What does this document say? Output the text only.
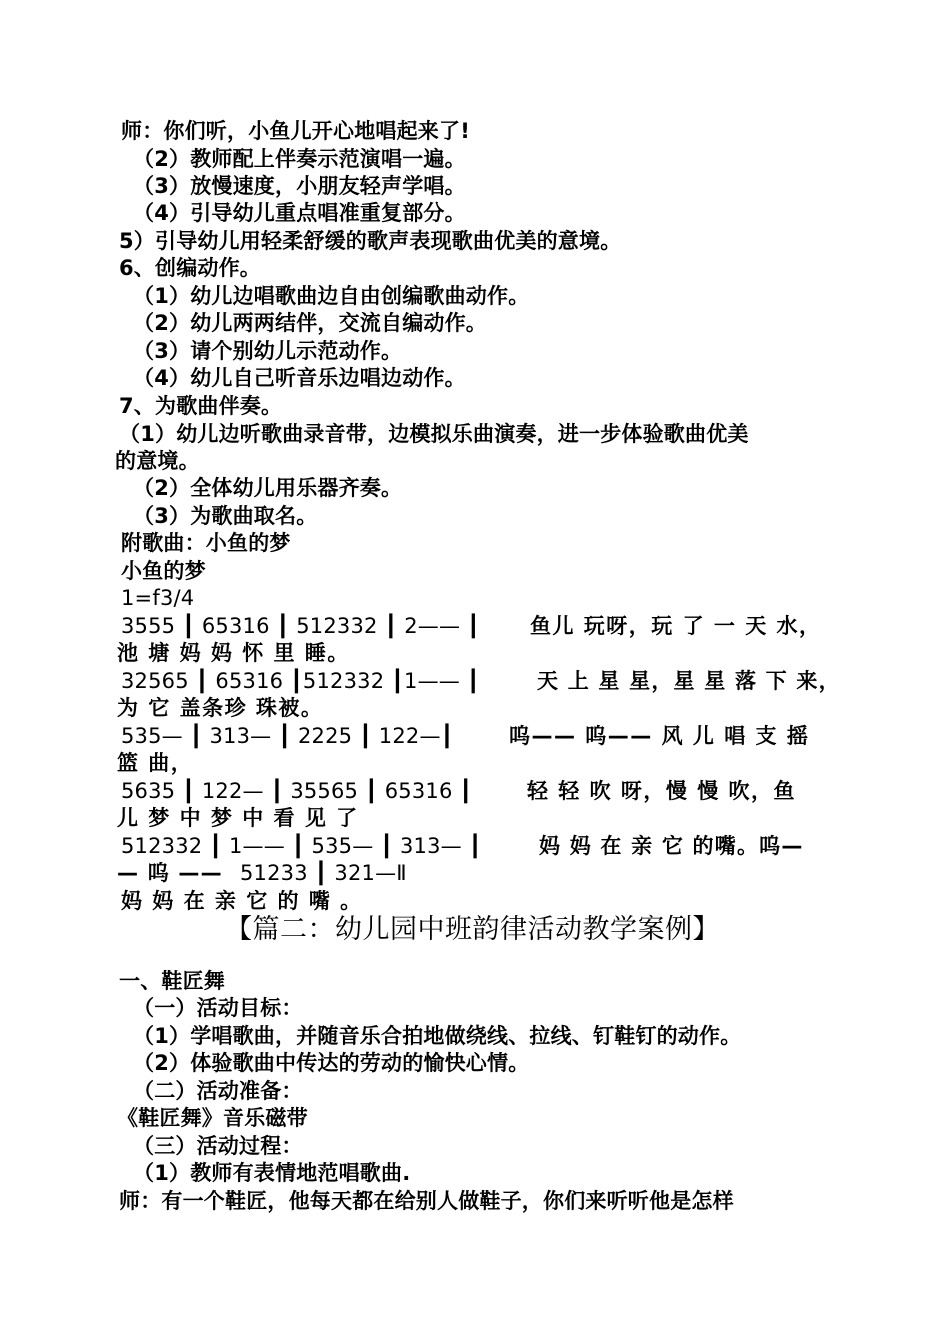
师：你们听，小鱼儿开心地唱起来了!
（2）教师配上伴奏示范演唱一遍。
（3）放慢速度，小朋友轻声学唱。
（4）引导幼儿重点唱准重复部分。
5）引导幼儿用轻柔舒缓的歌声表现歌曲优美的意境。
6、创编动作。
（1）幼儿边唱歌曲边自由创编歌曲动作。
（2）幼儿两两结伴，交流自编动作。
（3）请个别幼儿示范动作。
（4）幼儿自己听音乐边唱边动作。
7、为歌曲伴奏。
（1）幼儿边听歌曲录音带，边模拟乐曲演奏，进一步体验歌曲优美
的意境。
（2）全体幼儿用乐器齐奏。
（3）为歌曲取名。
附歌曲：小鱼的梦
小鱼的梦
1=f3/4
3555 ┃ 65316 ┃ 512332 ┃ 2—— ┃ 鱼儿 玩呀，玩 了 一 天 水，
池 塘 妈 妈 怀 里 睡。
32565 ┃ 65316 ┃512332 ┃1—— ┃	天 上 星 星，星 星 落 下 来，
为 它 盖条珍 珠被。
535— ┃ 313— ┃ 2225 ┃ 122—┃	呜—— 呜—— 风 儿 唱 支 摇
篮 曲，
5635 ┃ 122— ┃ 35565 ┃ 65316 ┃	轻 轻 吹 呀，慢 慢 吹，鱼
儿 梦 中 梦 中 看 见 了
512332 ┃ 1—— ┃ 535— ┃ 313— ┃	妈 妈 在 亲 它 的嘴。呜—
— 呜 —— 51233 ┃ 321—Ⅱ
妈 妈 在 亲 它 的 嘴 。
【篇二：幼儿园中班韵律活动教学案例】
一、鞋匠舞
（一）活动目标：
（1）学唱歌曲，并随音乐合拍地做绕线、拉线、钉鞋钉的动作。
（2）体验歌曲中传达的劳动的愉快心情。
（二）活动准备：
《鞋匠舞》音乐磁带
（三）活动过程：
（1）教师有表情地范唱歌曲.
师：有一个鞋匠，他每天都在给别人做鞋子，你们来听听他是怎样
